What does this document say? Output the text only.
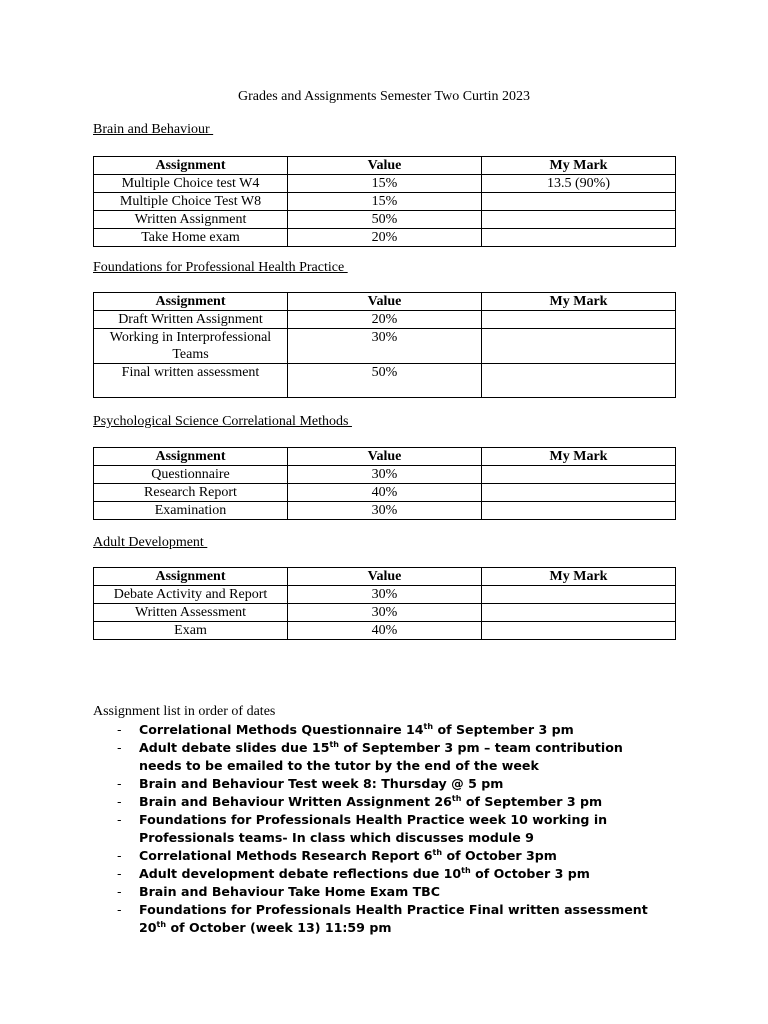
Grades and Assignments Semester Two Curtin 2023

Brain and Behaviour

Assignment	Value	My Mark
Multiple Choice test W4	15%	13.5 (90%)
Multiple Choice Test W8	15%	
Written Assignment	50%	
Take Home exam	20%	

Foundations for Professional Health Practice

Assignment	Value	My Mark
Draft Written Assignment	20%	
Working in Interprofessional Teams	30%	
Final written assessment	50%	

Psychological Science Correlational Methods

Assignment	Value	My Mark
Questionnaire	30%	
Research Report	40%	
Examination	30%	

Adult Development

Assignment	Value	My Mark
Debate Activity and Report	30%	
Written Assessment	30%	
Exam	40%	

Assignment list in order of dates

- Correlational Methods Questionnaire 14th of September 3 pm
- Adult debate slides due 15th of September 3 pm – team contribution needs to be emailed to the tutor by the end of the week
- Brain and Behaviour Test week 8: Thursday @ 5 pm
- Brain and Behaviour Written Assignment 26th of September 3 pm
- Foundations for Professionals Health Practice week 10 working in Professionals teams- In class which discusses module 9
- Correlational Methods Research Report 6th of October 3pm
- Adult development debate reflections due 10th of October 3 pm
- Brain and Behaviour Take Home Exam TBC
- Foundations for Professionals Health Practice Final written assessment 20th of October (week 13) 11:59 pm
